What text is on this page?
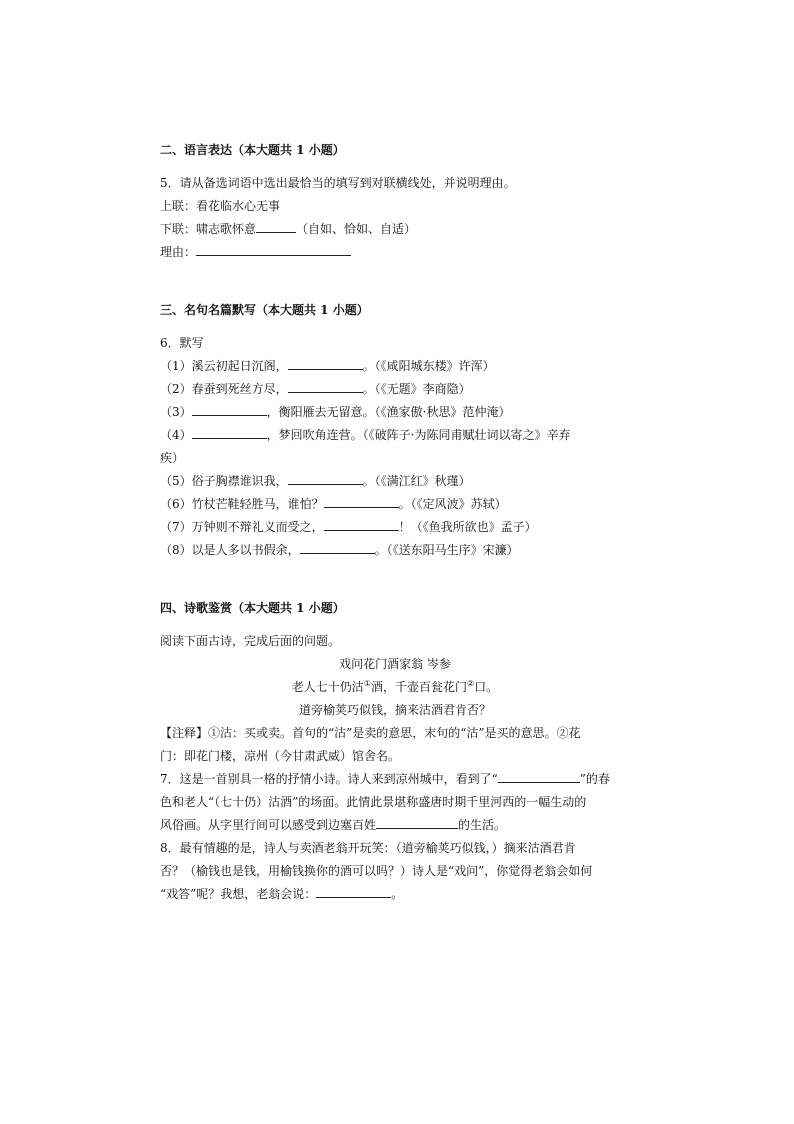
二、语言表达（本大题共 1 小题）
5．请从备选词语中选出最恰当的填写到对联横线处，并说明理由。
上联：看花临水心无事
下联：啸志歌怀意	（自如、恰如、自适）
理由：
三、名句名篇默写（本大题共 1 小题）
6．默写
（1）溪云初起日沉阁，	。（《咸阳城东楼》许浑）
（2）春蚕到死丝方尽，	。（《无题》李商隐）
（3）	，衡阳雁去无留意。（《渔家傲·秋思》范仲淹）
（4）	，梦回吹角连营。（《破阵子·为陈同甫赋壮词以寄之》辛弃
疾）
（5）俗子胸襟谁识我，	。（《满江红》秋瑾）
（6）竹杖芒鞋轻胜马，谁怕？	。（《定风波》苏轼）
（7）万钟则不辩礼义而受之，	！（《鱼我所欲也》孟子）
（8）以是人多以书假余，	。（《送东阳马生序》宋濂）
四、诗歌鉴赏（本大题共 1 小题）
阅读下面古诗，完成后面的问题。
戏问花门酒家翁 岑参
老人七十仍沽①酒，千壶百瓮花门②口。
道旁榆荚巧似钱，摘来沽酒君肯否？
【注释】①沽：买或卖。首句的“沽”是卖的意思，末句的“沽”是买的意思。②花
门：即花门楼，凉州（今甘肃武威）馆舍名。
7．这是一首别具一格的抒情小诗。诗人来到凉州城中，看到了“	”的春
色和老人“（七十仍）沽酒”的场面。此情此景堪称盛唐时期千里河西的一幅生动的
风俗画。从字里行间可以感受到边塞百姓	的生活。
8．最有情趣的是，诗人与卖酒老翁开玩笑：（道旁榆荚巧似钱，）摘来沽酒君肯
否？（榆钱也是钱，用榆钱换你的酒可以吗？）诗人是“戏问”，你觉得老翁会如何
“戏答”呢？我想，老翁会说：	。
